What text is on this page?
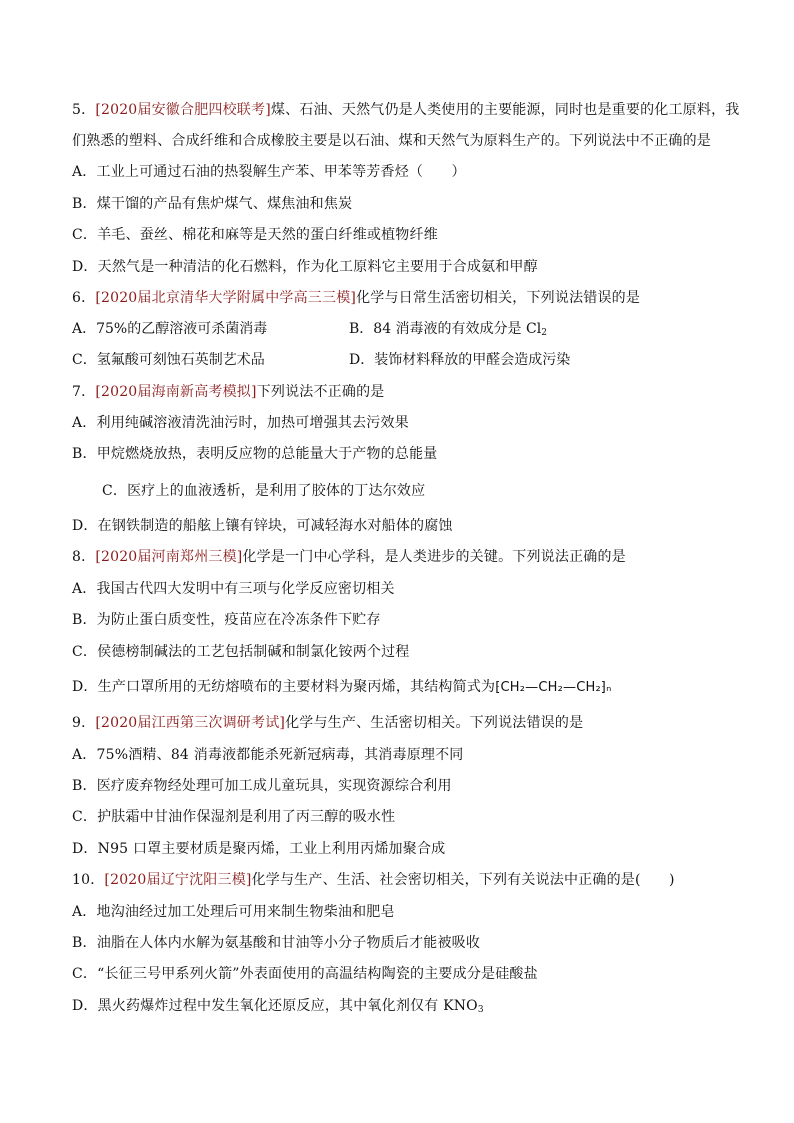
5．[2020届安徽合肥四校联考]煤、石油、天然气仍是人类使用的主要能源，同时也是重要的化工原料，我
们熟悉的塑料、合成纤维和合成橡胶主要是以石油、煤和天然气为原料生产的。下列说法中不正确的是
A．工业上可通过石油的热裂解生产苯、甲苯等芳香烃（　　）
B．煤干馏的产品有焦炉煤气、煤焦油和焦炭
C．羊毛、蚕丝、棉花和麻等是天然的蛋白纤维或植物纤维
D．天然气是一种清洁的化石燃料，作为化工原料它主要用于合成氨和甲醇
6．[2020届北京清华大学附属中学高三三模]化学与日常生活密切相关，下列说法错误的是
A．75%的乙醇溶液可杀菌消毒	B．84 消毒液的有效成分是 $Cl_2$
C．氢氟酸可刻蚀石英制艺术品	D．装饰材料释放的甲醛会造成污染
7．[2020届海南新高考模拟]下列说法不正确的是
A．利用纯碱溶液清洗油污时，加热可增强其去污效果
B．甲烷燃烧放热，表明反应物的总能量大于产物的总能量
C．医疗上的血液透析，是利用了胶体的丁达尔效应
D．在钢铁制造的船舷上镶有锌块，可减轻海水对船体的腐蚀
8．[2020届河南郑州三模]化学是一门中心学科，是人类进步的关键。下列说法正确的是
A．我国古代四大发明中有三项与化学反应密切相关
B．为防止蛋白质变性，疫苗应在冷冻条件下贮存
C．侯德榜制碱法的工艺包括制碱和制氯化铵两个过程
D．生产口罩所用的无纺熔喷布的主要材料为聚丙烯，其结构简式为⁅CH₂—CH₂—CH₂⁆ₙ
9．[2020届江西第三次调研考试]化学与生产、生活密切相关。下列说法错误的是
A．75%酒精、84 消毒液都能杀死新冠病毒，其消毒原理不同
B．医疗废弃物经处理可加工成儿童玩具，实现资源综合利用
C．护肤霜中甘油作保湿剂是利用了丙三醇的吸水性
D．N95 口罩主要材质是聚丙烯，工业上利用丙烯加聚合成
10．[2020届辽宁沈阳三模]化学与生产、生活、社会密切相关，下列有关说法中正确的是(　　)
A．地沟油经过加工处理后可用来制生物柴油和肥皂
B．油脂在人体内水解为氨基酸和甘油等小分子物质后才能被吸收
C．“长征三号甲系列火箭”外表面使用的高温结构陶瓷的主要成分是硅酸盐
D．黑火药爆炸过程中发生氧化还原反应，其中氧化剂仅有 $KNO_3$
